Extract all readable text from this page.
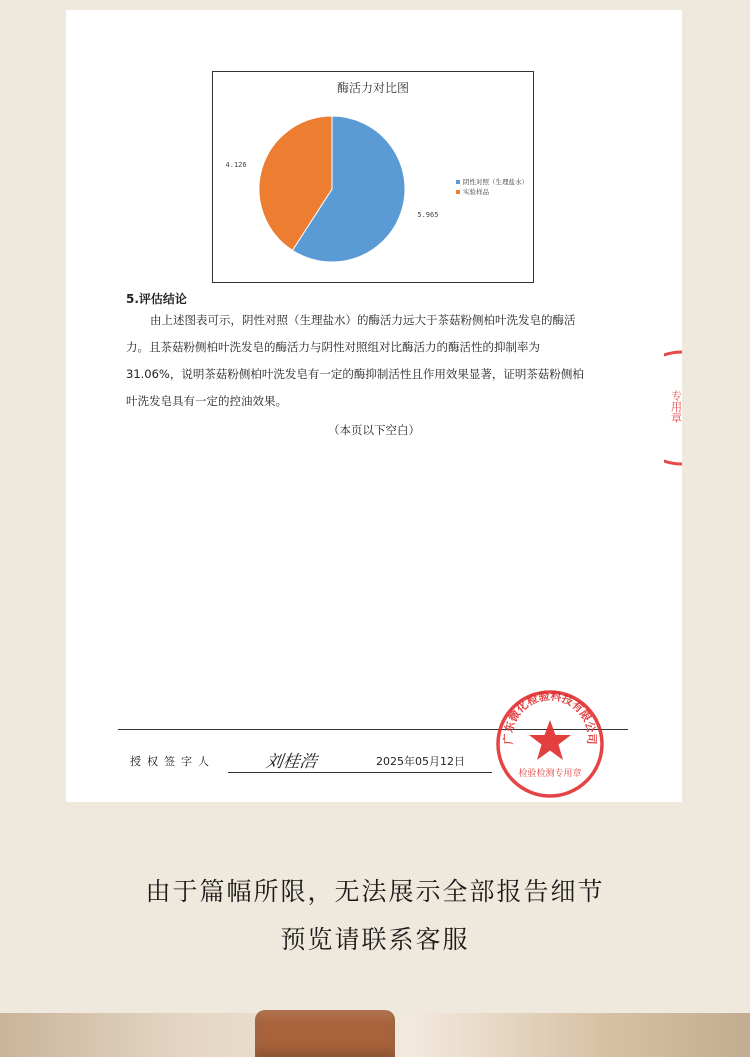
酶活力对比图
5.965
4.126
阴性对照（生理盐水）
实验样品
5.评估结论
由上述图表可示，阴性对照（生理盐水）的酶活力远大于茶菇粉侧柏叶洗发皂的酶活
力。且茶菇粉侧柏叶洗发皂的酶活力与阴性对照组对比酶活力的酶活性的抑制率为
31.06%，说明茶菇粉侧柏叶洗发皂有一定的酶抑制活性且作用效果显著，证明茶菇粉侧柏
叶洗发皂具有一定的控油效果。
（本页以下空白）
授权签字人	刘桂浩	2025年05月12日
广东微化检验科技有限公司
检验检测专用章
专用章
由于篇幅所限，无法展示全部报告细节
预览请联系客服
